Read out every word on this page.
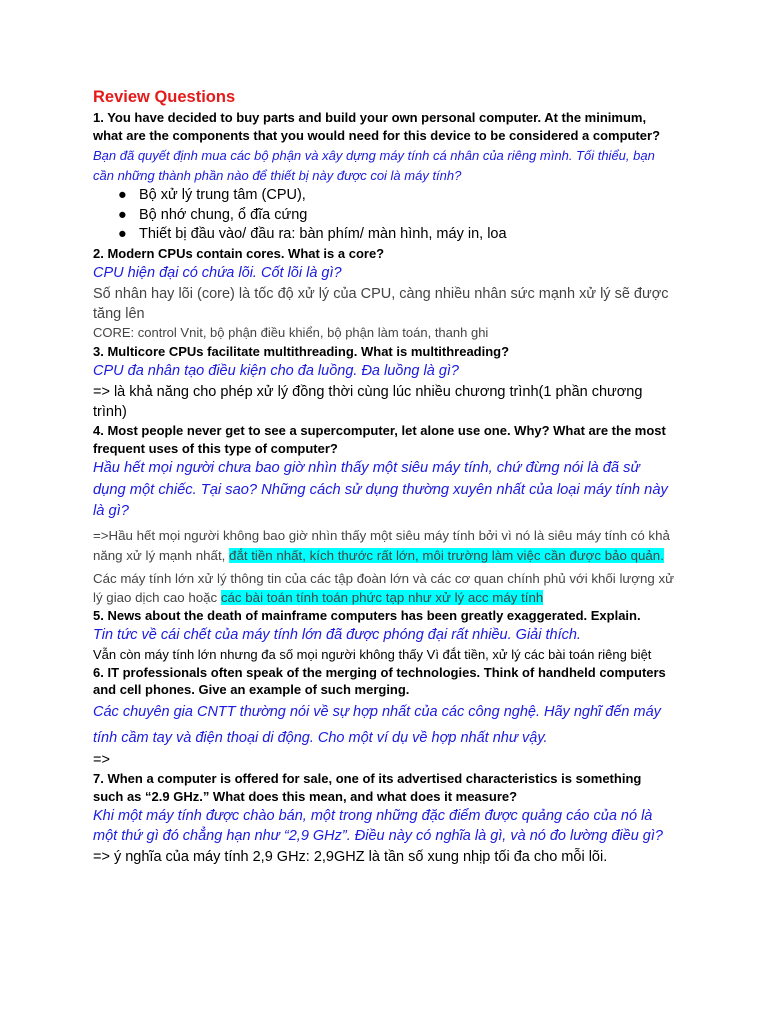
Review Questions

1. You have decided to buy parts and build your own personal computer. At the minimum, what are the components that you would need for this device to be considered a computer?

Bạn đã quyết định mua các bộ phận và xây dựng máy tính cá nhân của riêng mình. Tối thiểu, bạn cần những thành phần nào để thiết bị này được coi là máy tính?

● Bộ xử lý trung tâm (CPU),
● Bộ nhớ chung, ổ đĩa cứng
● Thiết bị đầu vào/ đầu ra: bàn phím/ màn hình, máy in, loa

2. Modern CPUs contain cores. What is a core?

CPU hiện đại có chứa lõi. Cốt lõi là gì?

Số nhân hay lõi (core) là tốc độ xử lý của CPU, càng nhiều nhân sức mạnh xử lý sẽ được tăng lên

CORE: control Vnit, bộ phận điều khiển, bộ phận làm toán, thanh ghi

3. Multicore CPUs facilitate multithreading. What is multithreading?

CPU đa nhân tạo điều kiện cho đa luồng. Đa luồng là gì?

=> là khả năng cho phép xử lý đồng thời cùng lúc nhiều chương trình(1 phần chương trình)

4. Most people never get to see a supercomputer, let alone use one. Why? What are the most frequent uses of this type of computer?

Hầu hết mọi người chưa bao giờ nhìn thấy một siêu máy tính, chứ đừng nói là đã sử dụng một chiếc. Tại sao? Những cách sử dụng thường xuyên nhất của loại máy tính này là gì?

=>Hầu hết mọi người không bao giờ nhìn thấy một siêu máy tính bởi vì nó là siêu máy tính có khả năng xử lý mạnh nhất, đắt tiền nhất, kích thước rất lớn, môi trường làm việc cần được bảo quản.

Các máy tính lớn xử lý thông tin của các tập đoàn lớn và các cơ quan chính phủ với khối lượng xử lý giao dịch cao hoặc các bài toán tính toán phức tạp như xử lý acc máy tính

5. News about the death of mainframe computers has been greatly exaggerated. Explain.

Tin tức về cái chết của máy tính lớn đã được phóng đại rất nhiều. Giải thích.

Vẫn còn máy tính lớn nhưng đa số mọi người không thấy Vì đắt tiền, xử lý các bài toán riêng biệt

6. IT professionals often speak of the merging of technologies. Think of handheld computers and cell phones. Give an example of such merging.

Các chuyên gia CNTT thường nói về sự hợp nhất của các công nghệ. Hãy nghĩ đến máy tính cầm tay và điện thoại di động. Cho một ví dụ về hợp nhất như vậy.

=>

7. When a computer is offered for sale, one of its advertised characteristics is something such as “2.9 GHz.” What does this mean, and what does it measure?

Khi một máy tính được chào bán, một trong những đặc điểm được quảng cáo của nó là một thứ gì đó chẳng hạn như “2,9 GHz”. Điều này có nghĩa là gì, và nó đo lường điều gì?

=> ý nghĩa của máy tính 2,9 GHz: 2,9GHZ là tần số xung nhịp tối đa cho mỗi lõi.
